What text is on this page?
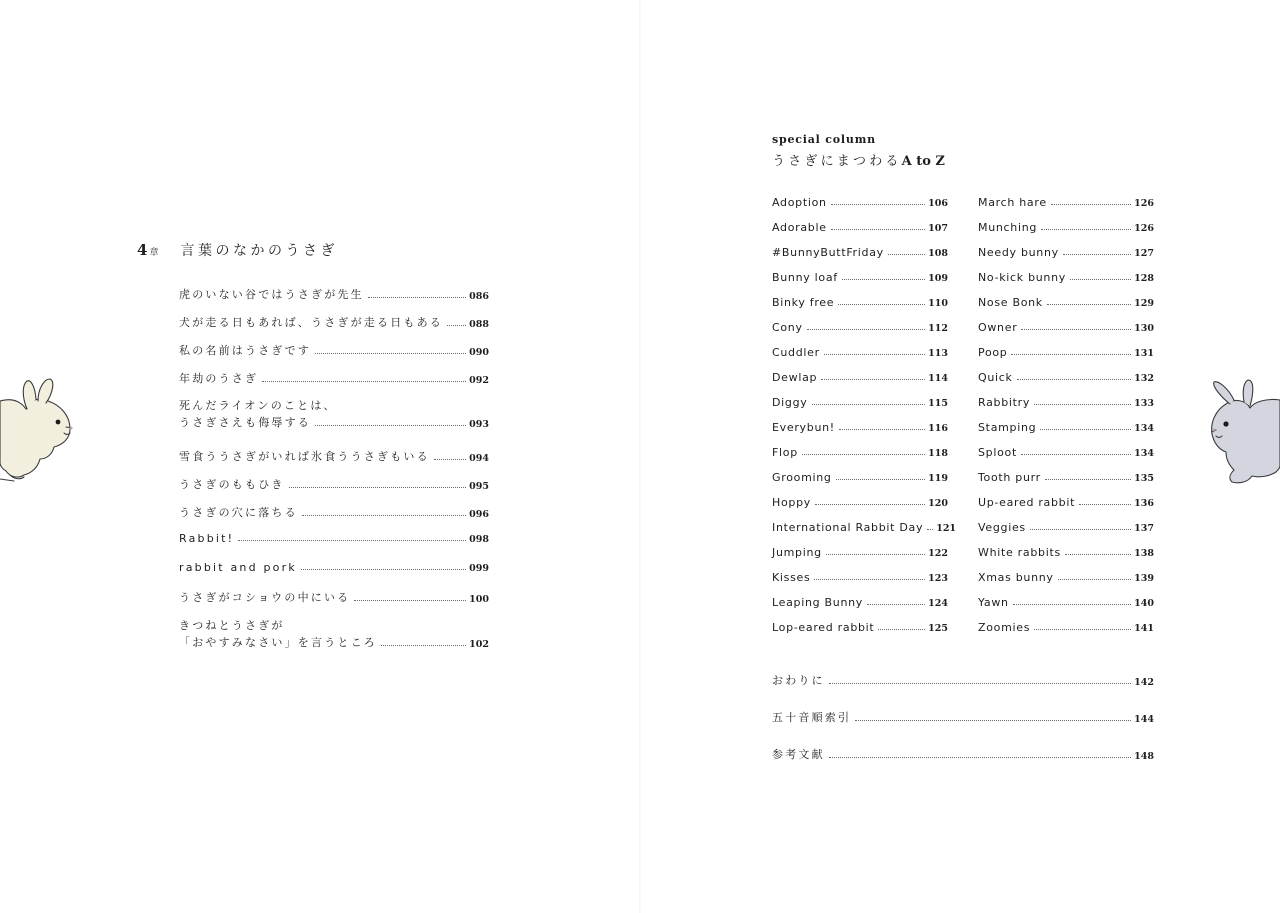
4 章 言葉のなかのうさぎ
虎のいない谷ではうさぎが先生	086
犬が走る日もあれば、うさぎが走る日もある	088
私の名前はうさぎです	090
年劫のうさぎ	092
死んだライオンのことは、
うさぎさえも侮辱する	093
雪食ううさぎがいれば氷食ううさぎもいる	094
うさぎのももひき	095
うさぎの穴に落ちる	096
Rabbit!	098
rabbit and pork	099
うさぎがコショウの中にいる	100
きつねとうさぎが
「おやすみなさい」を言うところ	102
special column
うさぎにまつわるA to Z
Adoption	106
Adorable	107
#BunnyButtFriday	108
Bunny loaf	109
Binky free	110
Cony	112
Cuddler	113
Dewlap	114
Diggy	115
Everybun!	116
Flop	118
Grooming	119
Hoppy	120
International Rabbit Day 121
Jumping	122
Kisses	123
Leaping Bunny	124
Lop-eared rabbit	125
March hare	126
Munching	126
Needy bunny	127
No-kick bunny	128
Nose Bonk	129
Owner	130
Poop	131
Quick	132
Rabbitry	133
Stamping	134
Sploot	134
Tooth purr	135
Up-eared rabbit	136
Veggies	137
White rabbits	138
Xmas bunny	139
Yawn	140
Zoomies	141
おわりに	142
五十音順索引	144
参考文献	148
